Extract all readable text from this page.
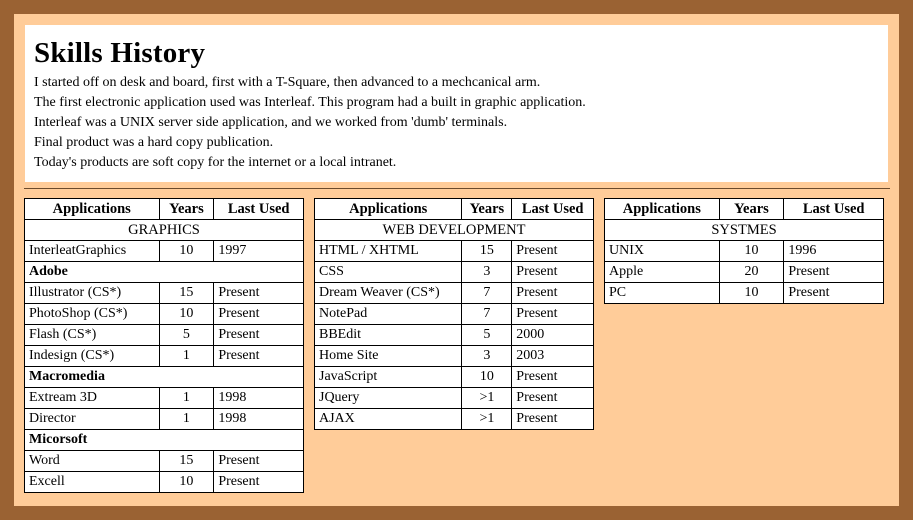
Skills History
I started off on desk and board, first with a T-Square, then advanced to a mechcanical arm.
The first electronic application used was Interleaf. This program had a built in graphic application.
Interleaf was a UNIX server side application, and we worked from 'dumb' terminals.
Final product was a hard copy publication.
Today's products are soft copy for the internet or a local intranet.
Applications	Years	Last Used
GRAPHICS		
InterleatGraphics	10	1997
Adobe		
Illustrator (CS*)	15	Present
PhotoShop (CS*)	10	Present
Flash (CS*)	5	Present
Indesign (CS*)	1	Present
Macromedia		
Extream 3D	1	1998
Director	1	1998
Micorsoft		
Word	15	Present
Excell	10	Present
Applications	Years	Last Used
WEB DEVELOPMENT		
HTML / XHTML	15	Present
CSS	3	Present
Dream Weaver (CS*)	7	Present
NotePad	7	Present
BBEdit	5	2000
Home Site	3	2003
JavaScript	10	Present
JQuery	>1	Present
AJAX	>1	Present
Applications	Years	Last Used
SYSTMES		
UNIX	10	1996
Apple	20	Present
PC	10	Present
